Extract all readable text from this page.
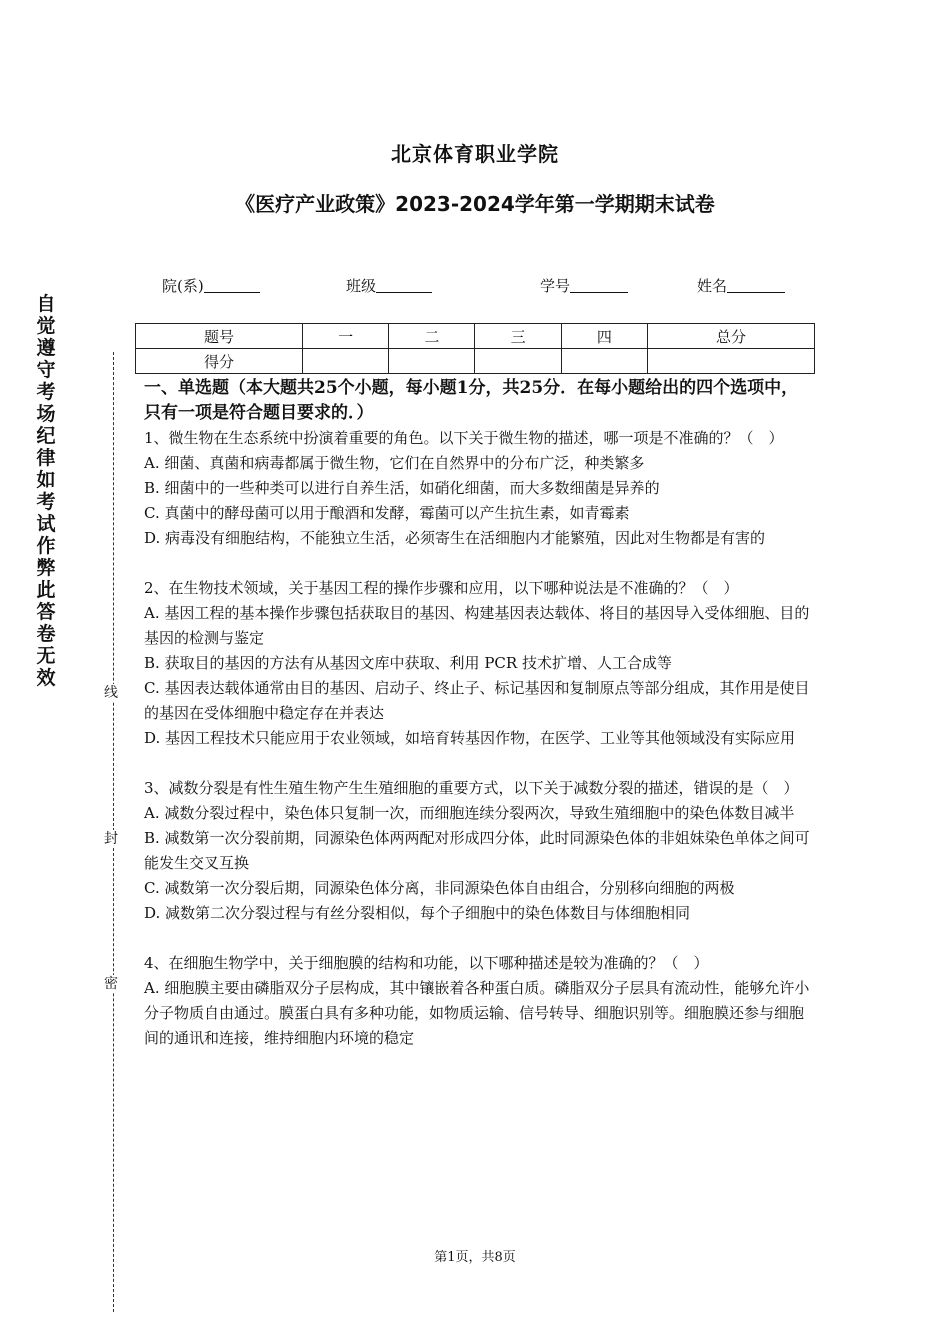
自觉遵守考场纪律如考试作弊此答卷无效
线
封
密
北京体育职业学院
《医疗产业政策》2023-2024学年第一学期期末试卷
院(系)	班级	学号	姓名
题号	一	二	三	四	总分
得分					

一、单选题（本大题共25个小题，每小题1分，共25分．在每小题给出的四个选项中，只有一项是符合题目要求的．）

1、微生物在生态系统中扮演着重要的角色。以下关于微生物的描述，哪一项是不准确的？（　）

A. 细菌、真菌和病毒都属于微生物，它们在自然界中的分布广泛，种类繁多

B. 细菌中的一些种类可以进行自养生活，如硝化细菌，而大多数细菌是异养的

C. 真菌中的酵母菌可以用于酿酒和发酵，霉菌可以产生抗生素，如青霉素

D. 病毒没有细胞结构，不能独立生活，必须寄生在活细胞内才能繁殖，因此对生物都是有害的

2、在生物技术领域，关于基因工程的操作步骤和应用，以下哪种说法是不准确的？（　）

A. 基因工程的基本操作步骤包括获取目的基因、构建基因表达载体、将目的基因导入受体细胞、目的基因的检测与鉴定

B. 获取目的基因的方法有从基因文库中获取、利用 PCR 技术扩增、人工合成等

C. 基因表达载体通常由目的基因、启动子、终止子、标记基因和复制原点等部分组成，其作用是使目的基因在受体细胞中稳定存在并表达

D. 基因工程技术只能应用于农业领域，如培育转基因作物，在医学、工业等其他领域没有实际应用

3、减数分裂是有性生殖生物产生生殖细胞的重要方式，以下关于减数分裂的描述，错误的是（　）

A. 减数分裂过程中，染色体只复制一次，而细胞连续分裂两次，导致生殖细胞中的染色体数目减半

B. 减数第一次分裂前期，同源染色体两两配对形成四分体，此时同源染色体的非姐妹染色单体之间可能发生交叉互换

C. 减数第一次分裂后期，同源染色体分离，非同源染色体自由组合，分别移向细胞的两极

D. 减数第二次分裂过程与有丝分裂相似，每个子细胞中的染色体数目与体细胞相同

4、在细胞生物学中，关于细胞膜的结构和功能，以下哪种描述是较为准确的？（　）

A. 细胞膜主要由磷脂双分子层构成，其中镶嵌着各种蛋白质。磷脂双分子层具有流动性，能够允许小分子物质自由通过。膜蛋白具有多种功能，如物质运输、信号转导、细胞识别等。细胞膜还参与细胞间的通讯和连接，维持细胞内环境的稳定

第1页，共8页
